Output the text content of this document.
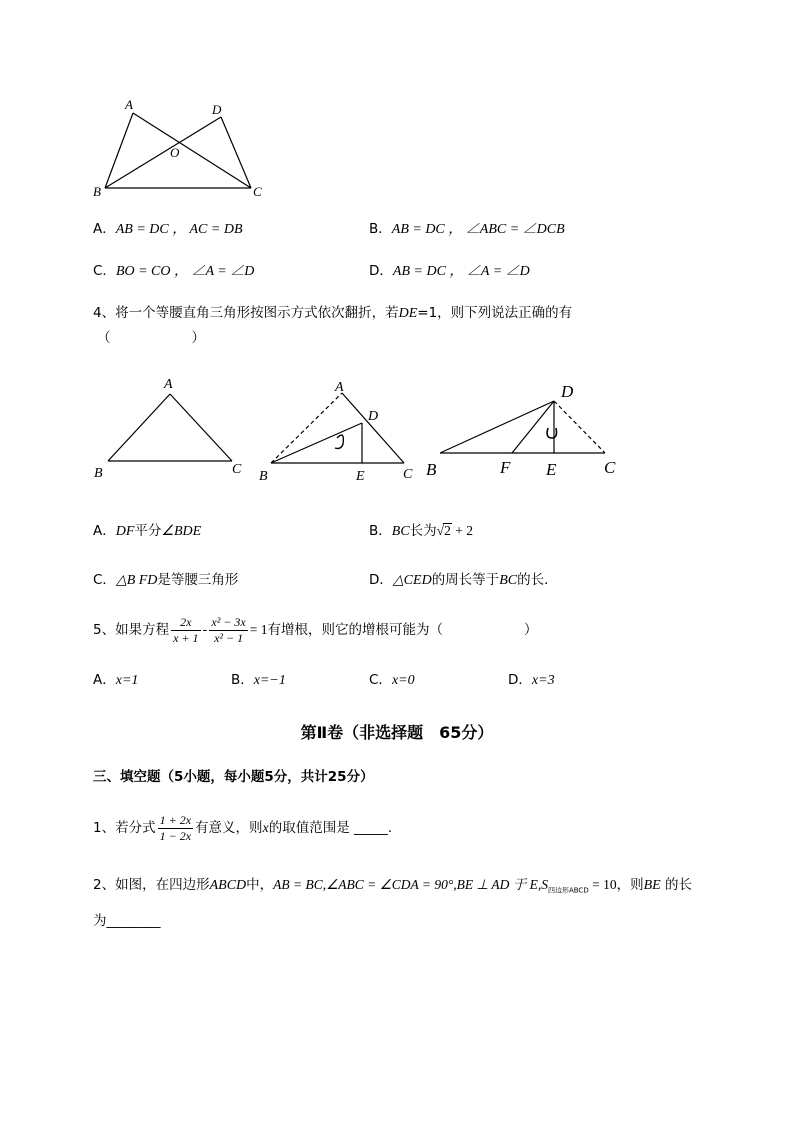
A	D
O
B	C
A．AB = DC ， AC = DB	B．AB = DC ， ∠ABC = ∠DCB
C．BO = CO ， ∠A = ∠D	D．AB = DC ， ∠A = ∠D
4、将一个等腰直角三角形按图示方式依次翻折，若DE=1，则下列说法正确的有
（　　　　　　）
A
B	C
A
D
B	E	C
D
B	F E	C
A．DF平分∠BDE	B．BC长为√2 + 2
C．△B FD是等腰三角形	D．△CED的周长等于BC的长．
5、如果方程 $\frac{2x}{x + 1} - \frac{\text{x² − 3x}}{\text{x² − 1}} = 1$有增根，则它的增根可能为（　　　　　　）
A．x=1	B．x=−1	C．x=0	D．x=3
第Ⅱ卷（非选择题　65分）
三、填空题（5小题，每小题5分，共计25分）
1、若分式 $\frac{1 + 2x}{1 - 2x}$ 有意义，则x的取值范围是 _____.
2、如图，在四边形ABCD中，AB = BC,∠ABC = ∠CDA = 90°,BE ⊥ AD 于 $E,S_{四边形ABCD} = 10$，则BE 的长
为________
